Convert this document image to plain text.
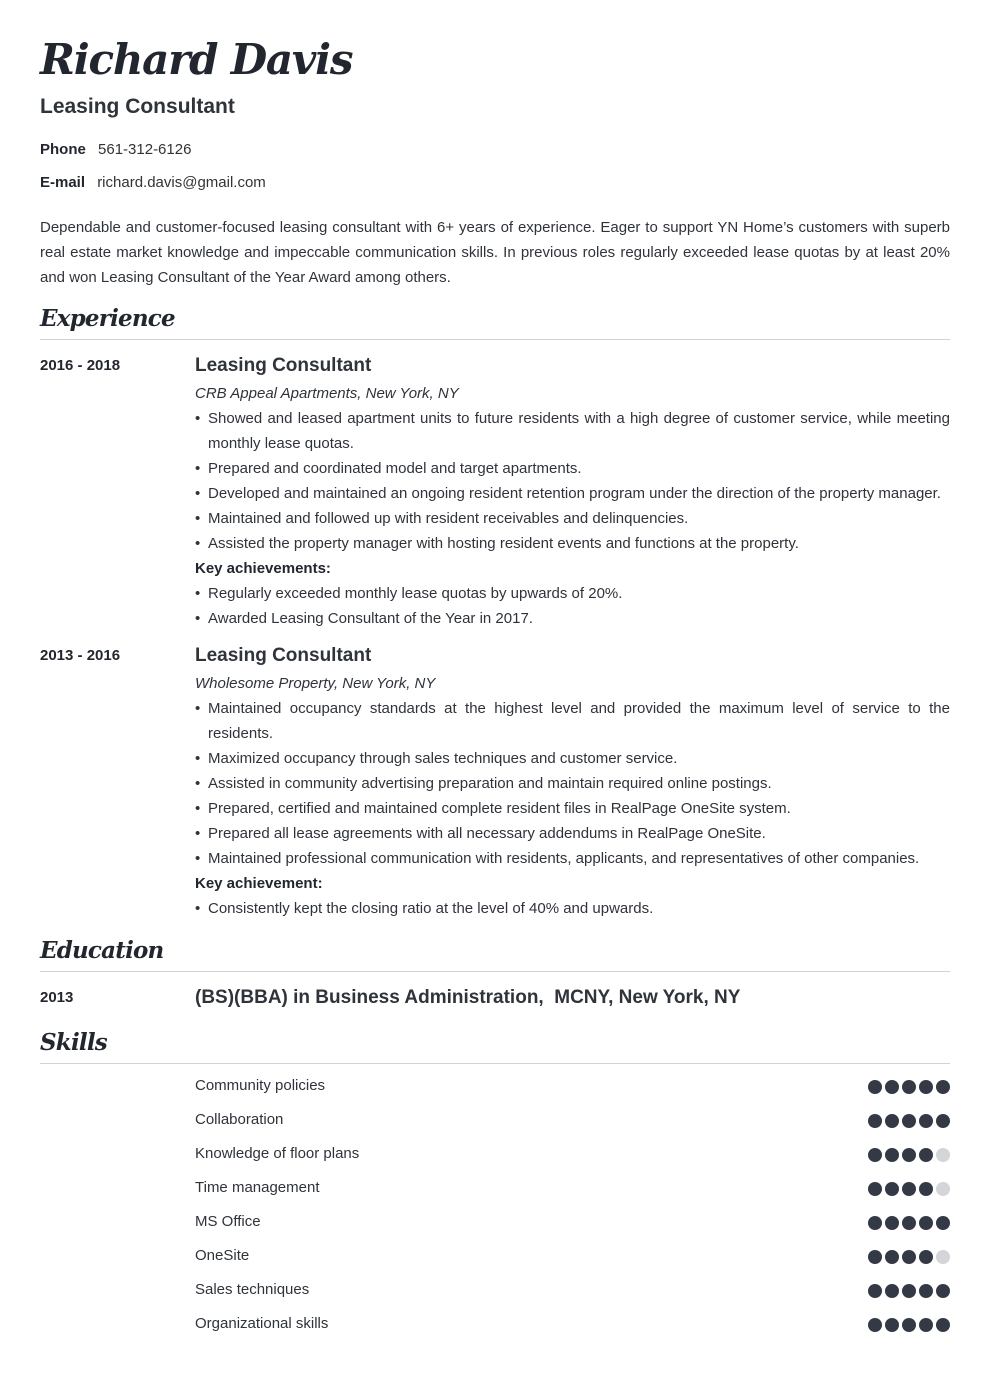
Richard Davis
Leasing Consultant
Phone 561-312-6126
E-mail richard.davis@gmail.com

Dependable and customer-focused leasing consultant with 6+ years of experience. Eager to support YN Home’s customers with superb real estate market knowledge and impeccable communication skills. In previous roles regularly exceeded lease quotas by at least 20% and won Leasing Consultant of the Year Award among others.

Experience
2016 - 2018	Leasing Consultant
CRB Appeal Apartments, New York, NY
• Showed and leased apartment units to future residents with a high degree of customer service, while meeting monthly lease quotas.
• Prepared and coordinated model and target apartments.
• Developed and maintained an ongoing resident retention program under the direction of the property manager.
• Maintained and followed up with resident receivables and delinquencies.
• Assisted the property manager with hosting resident events and functions at the property.
Key achievements:
• Regularly exceeded monthly lease quotas by upwards of 20%.
• Awarded Leasing Consultant of the Year in 2017.
2013 - 2016	Leasing Consultant
Wholesome Property, New York, NY
• Maintained occupancy standards at the highest level and provided the maximum level of service to the residents.
• Maximized occupancy through sales techniques and customer service.
• Assisted in community advertising preparation and maintain required online postings.
• Prepared, certified and maintained complete resident files in RealPage OneSite system.
• Prepared all lease agreements with all necessary addendums in RealPage OneSite.
• Maintained professional communication with residents, applicants, and representatives of other companies.
Key achievement:
• Consistently kept the closing ratio at the level of 40% and upwards.
Education
2013	(BS)(BBA) in Business Administration,  MCNY, New York, NY
Skills
Community policies
Collaboration
Knowledge of floor plans
Time management
MS Office
OneSite
Sales techniques
Organizational skills
